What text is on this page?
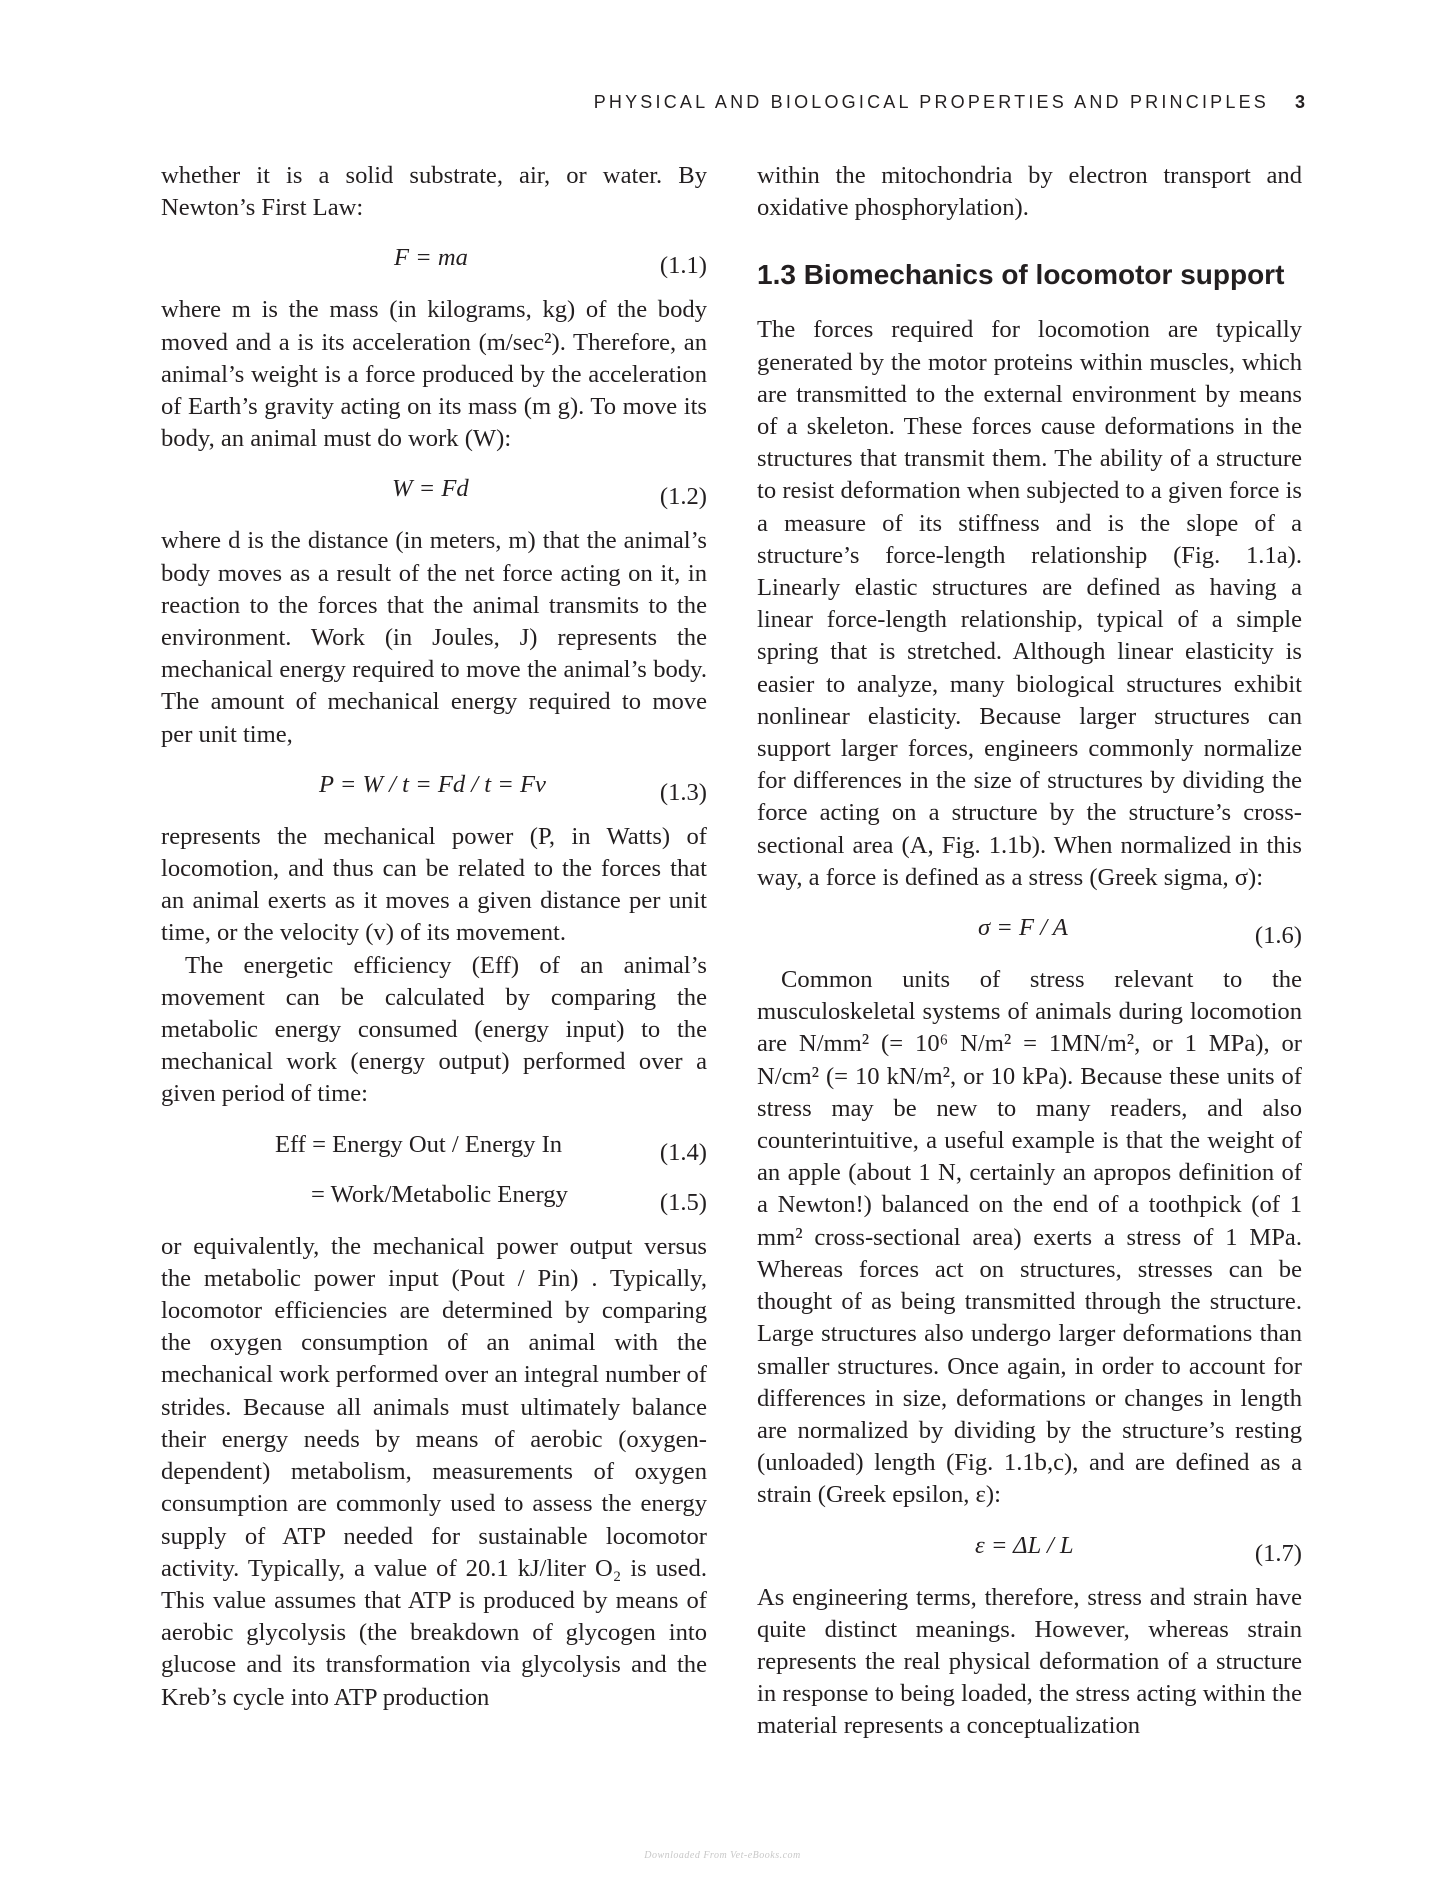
PHYSICAL AND BIOLOGICAL PROPERTIES AND PRINCIPLES 3

whether it is a solid substrate, air, or water. By Newton’s First Law:

F = ma	(1.1)

where m is the mass (in kilograms, kg) of the body moved and a is its acceleration (m/sec²). Therefore, an animal’s weight is a force produced by the acceleration of Earth’s gravity acting on its mass (m g). To move its body, an animal must do work (W):

W = Fd	(1.2)

where d is the distance (in meters, m) that the animal’s body moves as a result of the net force acting on it, in reaction to the forces that the animal transmits to the environment. Work (in Joules, J) represents the mechanical energy required to move the animal’s body. The amount of mechanical energy required to move per unit time,

P = W / t = Fd / t = Fv	(1.3)

represents the mechanical power (P, in Watts) of locomotion, and thus can be related to the forces that an animal exerts as it moves a given distance per unit time, or the velocity (v) of its movement.

The energetic efficiency (Eff) of an animal’s movement can be calculated by comparing the metabolic energy consumed (energy input) to the mechanical work (energy output) performed over a given period of time:

Eff = Energy Out / Energy In	(1.4)
= Work/Metabolic Energy	(1.5)

or equivalently, the mechanical power output versus the metabolic power input (Pout / Pin) . Typically, locomotor efficiencies are determined by comparing the oxygen consumption of an animal with the mechanical work performed over an integral number of strides. Because all animals must ultimately balance their energy needs by means of aerobic (oxygen-dependent) metabolism, measurements of oxygen consumption are commonly used to assess the energy supply of ATP needed for sustainable locomotor activity. Typically, a value of 20.1 kJ/liter O₂ is used. This value assumes that ATP is produced by means of aerobic glycolysis (the breakdown of glycogen into glucose and its transformation via glycolysis and the Kreb’s cycle into ATP production

within the mitochondria by electron transport and oxidative phosphorylation).

1.3 Biomechanics of locomotor support

The forces required for locomotion are typically generated by the motor proteins within muscles, which are transmitted to the external environment by means of a skeleton. These forces cause deformations in the structures that transmit them. The ability of a structure to resist deformation when subjected to a given force is a measure of its stiffness and is the slope of a structure’s force-length relationship (Fig. 1.1a). Linearly elastic structures are defined as having a linear force-length relationship, typical of a simple spring that is stretched. Although linear elasticity is easier to analyze, many biological structures exhibit nonlinear elasticity. Because larger structures can support larger forces, engineers commonly normalize for differences in the size of structures by dividing the force acting on a structure by the structure’s cross-sectional area (A, Fig. 1.1b). When normalized in this way, a force is defined as a stress (Greek sigma, σ):

σ = F / A	(1.6)

Common units of stress relevant to the musculoskeletal systems of animals during locomotion are N/mm² (= 10⁶ N/m² = 1MN/m², or 1 MPa), or N/cm² (= 10 kN/m², or 10 kPa). Because these units of stress may be new to many readers, and also counterintuitive, a useful example is that the weight of an apple (about 1 N, certainly an apropos definition of a Newton!) balanced on the end of a toothpick (of 1 mm² cross-sectional area) exerts a stress of 1 MPa. Whereas forces act on structures, stresses can be thought of as being transmitted through the structure. Large structures also undergo larger deformations than smaller structures. Once again, in order to account for differences in size, deformations or changes in length are normalized by dividing by the structure’s resting (unloaded) length (Fig. 1.1b,c), and are defined as a strain (Greek epsilon, ε):

ε = ΔL / L	(1.7)

As engineering terms, therefore, stress and strain have quite distinct meanings. However, whereas strain represents the real physical deformation of a structure in response to being loaded, the stress acting within the material represents a conceptualization

Downloaded From Vet-eBooks.com
